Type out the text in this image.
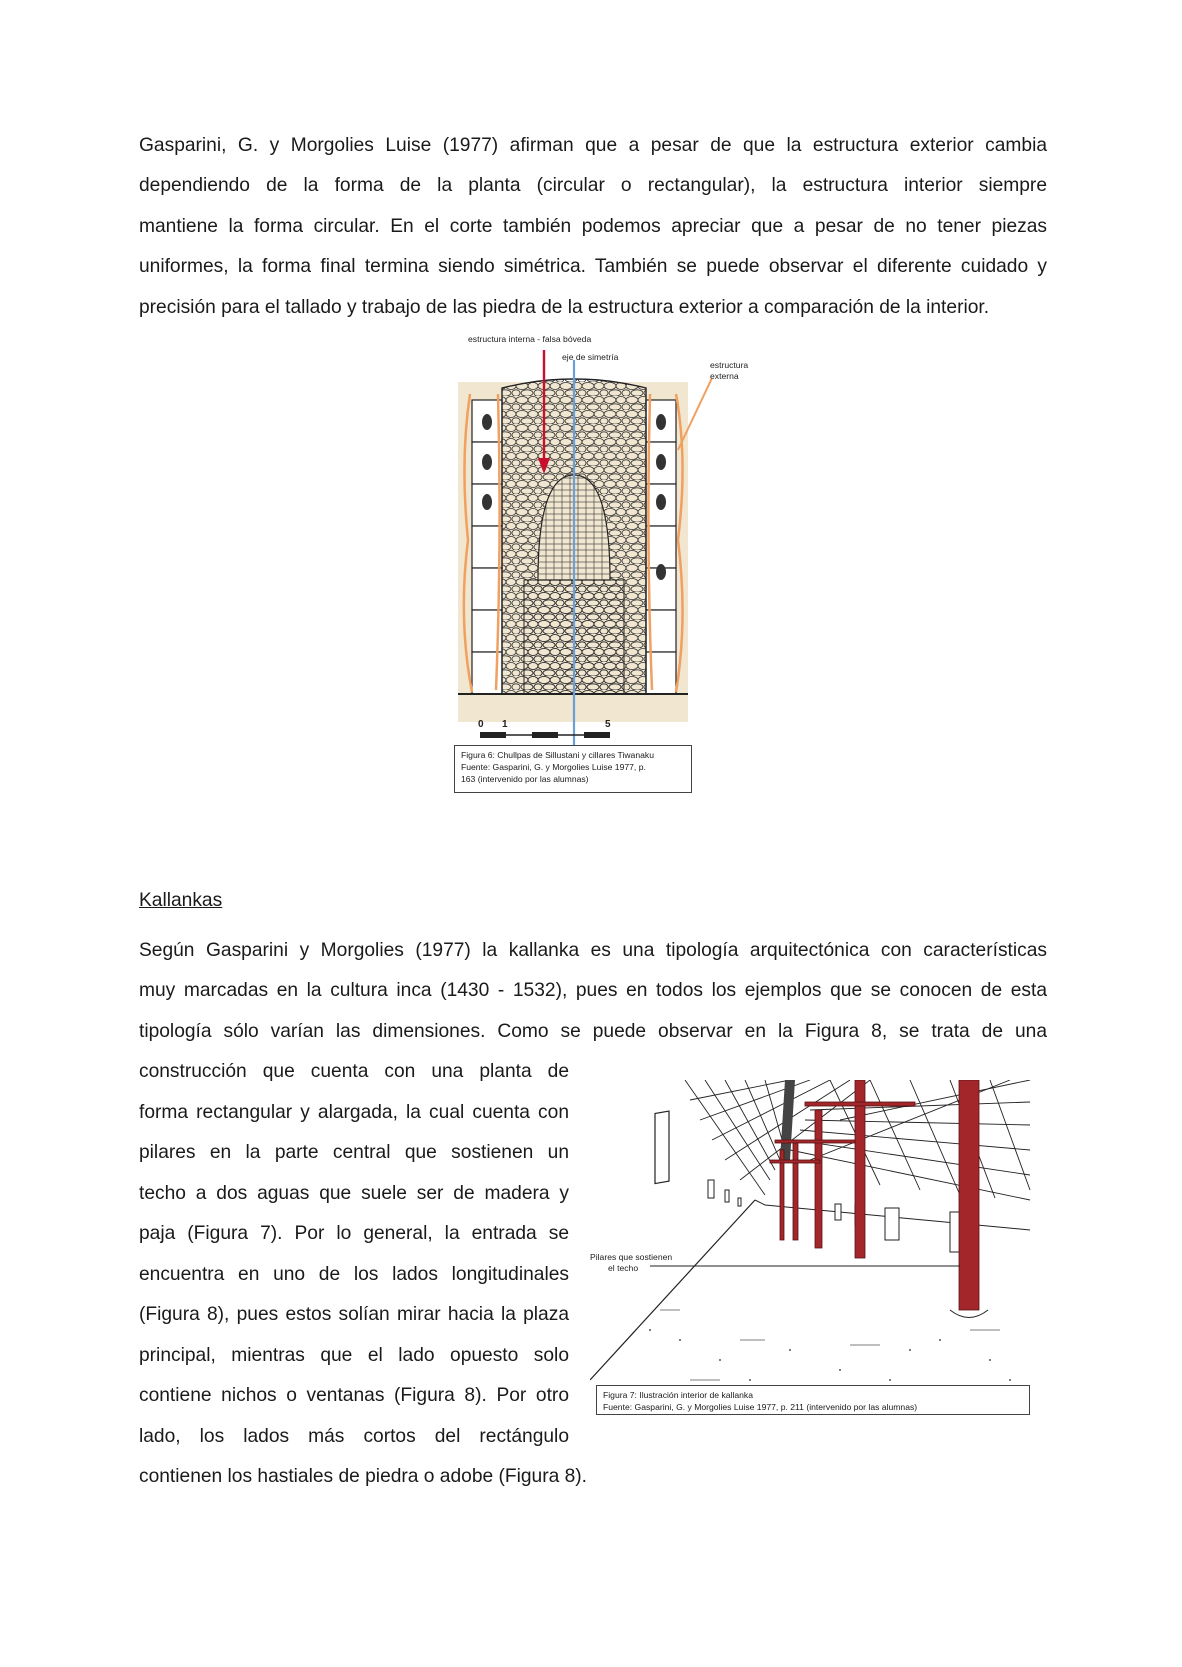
Gasparini, G. y Morgolies Luise (1977) afirman que a pesar de que la estructura exterior cambia

dependiendo de la forma de la planta (circular o rectangular), la estructura interior siempre

mantiene la forma circular. En el corte también podemos apreciar que a pesar de no tener piezas

uniformes, la forma final termina siendo simétrica. También se puede observar el diferente cuidado y

precisión para el tallado y trabajo de las piedra de la estructura exterior a comparación de la interior.

estructura interna - falsa bóveda
eje de simetría
estructura
externa
0 1	5
Figura 6: Chullpas de Sillustani y cillares Tiwanaku
Fuente: Gasparini, G. y Morgolies Luise 1977, p.
163 (intervenido por las alumnas)

Kallankas

Según Gasparini y Morgolies (1977) la kallanka es una tipología arquitectónica con características

muy marcadas en la cultura inca (1430 - 1532), pues en todos los ejemplos que se conocen de esta

tipología sólo varían las dimensiones. Como se puede observar en la Figura 8, se trata de una

construcción que cuenta con una planta de

forma rectangular y alargada, la cual cuenta con

pilares en la parte central que sostienen un

techo a dos aguas que suele ser de madera y

paja (Figura 7). Por lo general, la entrada se

encuentra en uno de los lados longitudinales

(Figura 8), pues estos solían mirar hacia la plaza

principal, mientras que el lado opuesto solo

contiene nichos o ventanas (Figura 8). Por otro

lado, los lados más cortos del rectángulo

contienen los hastiales de piedra o adobe (Figura 8).

Pilares que sostienen
el techo
Figura 7: Ilustración interior de kallanka
Fuente: Gasparini, G. y Morgolies Luise 1977, p. 211 (intervenido por las alumnas)
